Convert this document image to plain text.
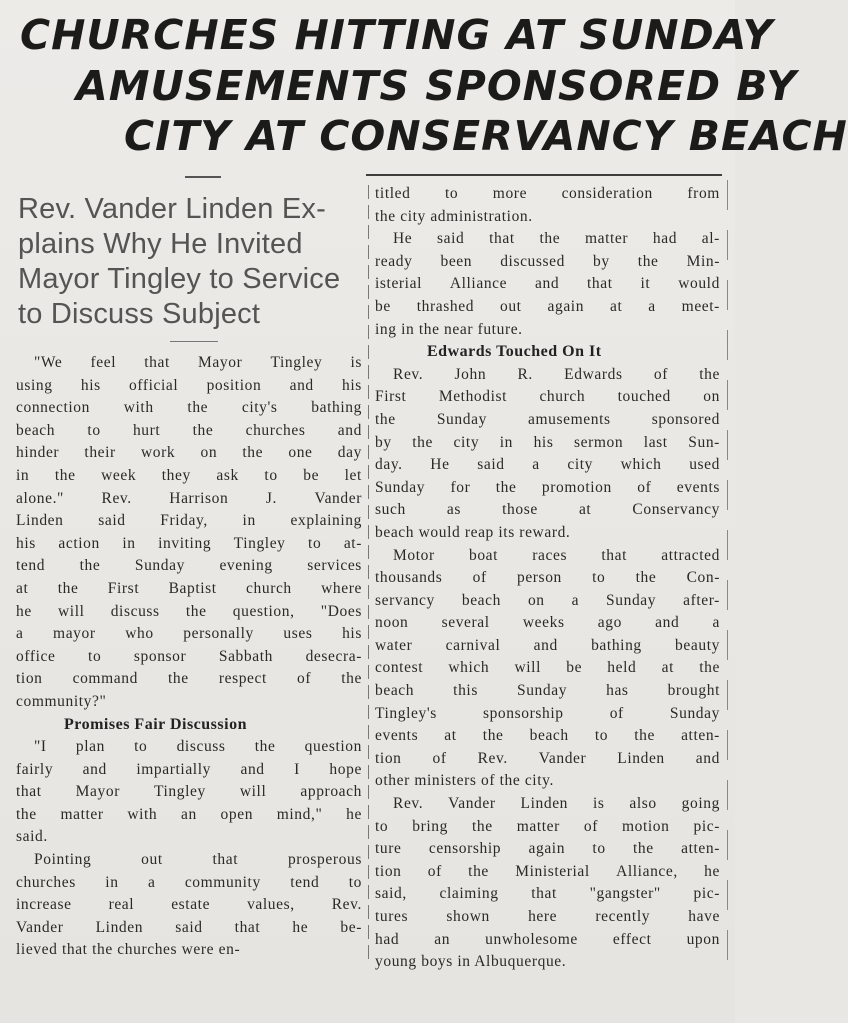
CHURCHES HITTING AT SUNDAY
AMUSEMENTS SPONSORED BY
CITY AT CONSERVANCY BEACH
Rev. Vander Linden Ex-
plains Why He Invited
Mayor Tingley to Service
to Discuss Subject
"We	feel	that	Mayor	Tingley	is
using his official position and his
connection with the city's bathing
beach to hurt the churches and
hinder their work on the one day
in the week they ask to be let
alone." Rev. Harrison J. Vander
Linden said Friday, in explaining
his action in inviting Tingley to at-
tend the Sunday evening services
at the First Baptist church where
he will discuss the question, "Does
a mayor who personally uses his
office to sponsor Sabbath desecra-
tion command the respect of the
community?"
Promises Fair Discussion
"I	plan	to	discuss	the	question
fairly and impartially and I hope
that Mayor Tingley will approach
the matter with an open mind," he
said.
Pointing	out	that	prosperous
churches in a community tend to
increase real estate values, Rev.
Vander Linden said that he be-
lieved that the churches were en-
titled to more consideration from
the city administration.
He	said	that	the	matter	had	al-
ready been discussed by the Min-
isterial Alliance and that it would
be thrashed out again at a meet-
ing in the near future.
Edwards Touched On It
Rev.	John	R.	Edwards	of	the
First Methodist church touched on
the	Sunday	amusements	sponsored
by the city in his sermon last Sun-
day. He said a city which used
Sunday for the promotion of events
such	as	those	at	Conservancy
beach would reap its reward.
Motor	boat	races	that	attracted
thousands of person to the Con-
servancy beach on a Sunday after-
noon several weeks ago and a
water carnival and bathing beauty
contest which will be held at the
beach	this	Sunday	has	brought
Tingley's	sponsorship	of	Sunday
events at the beach to the atten-
tion of Rev. Vander Linden and
other ministers of the city.
Rev.	Vander	Linden	is	also	going
to bring the matter of motion pic-
ture censorship again to the atten-
tion of the Ministerial Alliance, he
said, claiming that "gangster" pic-
tures shown here recently have
had an unwholesome effect upon
young boys in Albuquerque.
